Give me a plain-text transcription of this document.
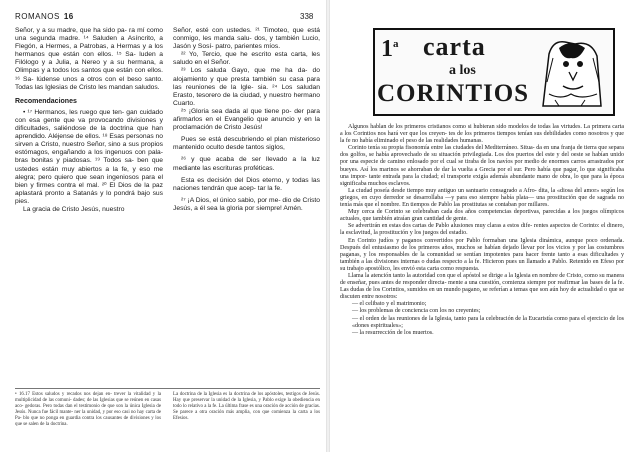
ROMANOS 16	338

Señor, y a su madre, que ha sido pa- ra mí como una segunda madre. ¹⁴ Saluden a Asíncrito, a Flegón, a Hermes, a Patrobas, a Hermas y a los hermanos que están con ellos. ¹⁵ Sa- luden a Filólogo y a Julia, a Nereo y a su hermana, a Olimpas y a todos los santos que están con ellos. ¹⁶ Sa- lúdense unos a otros con el beso santo. Todas las Iglesias de Cristo les mandan saludos.

Recomendaciones

• ¹⁷ Hermanos, les ruego que ten- gan cuidado con esa gente que va provocando divisiones y dificultades, saliéndose de la doctrina que han aprendido. Aléjense de ellos. ¹⁸ Esas personas no sirven a Cristo, nuestro Señor, sino a sus propios estómagos, engañando a los ingenuos con pala- bras bonitas y piadosas. ¹⁹ Todos sa- ben que ustedes están muy abiertos a la fe, y eso me alegra; pero quiero que sean ingeniosos para el bien y firmes contra el mal. ²⁰ El Dios de la paz aplastará pronto a Satanás y lo pondrá bajo sus pies.

La gracia de Cristo Jesús, nuestro

Señor, esté con ustedes. ²¹ Timoteo, que está conmigo, les manda salu- dos, y también Lucio, Jasón y Sosí- patro, parientes míos.

²² Yo, Tercio, que he escrito esta carta, les saludo en el Señor.

²³ Los saluda Gayo, que me ha da- do alojamiento y que presta también su casa para las reuniones de la Igle- sia. ²⁴ Los saludan Erasto, tesorero de la ciudad, y nuestro hermano Cuarto.

²⁵ ¡Gloria sea dada al que tiene po- der para afirmarlos en el Evangelio que anuncio y en la proclamación de Cristo Jesús!

Pues se está descubriendo el plan misterioso mantenido oculto desde tantos siglos,

²⁶ y que acaba de ser llevado a la luz mediante las escrituras proféticas.

Esta es decisión del Dios eterno, y todas las naciones tendrán que acep- tar la fe.

²⁷ ¡A Dios, el único sabio, por me- dio de Cristo Jesús, a él sea la gloria por siempre! Amén.

• 16.17 Estos saludos y recados nos dejan en- trever la vitalidad y la multiplicidad de las comuni- dades; de las Iglesias que se reúnen en casas aco- gedoras. Pero todas dan el testimonio de que son la única Iglesia de Jesús. Nunca fue fácil mante- ner la unidad, y por eso casi no hay carta de Pa- blo que no ponga en guardia contra los causantes de divisiones y los que se salen de la doctrina.
La doctrina de la Iglesia es la doctrina de los apóstoles, testigos de Jesús. Hay que preservar la unidad de la Iglesia, y Pablo exige la obediencia en todo lo relativo a la fe. La última frase es una oración de acción de gracias. Se parece a otra oración más amplia, con que comienza la carta a los Efesios.
1$^a$ carta
a los
CORINTIOS

Algunos hablan de los primeros cristianos como si hubieran sido modelos de todas las virtudes. La primera carta a los Corintios nos hará ver que los creyen- tes de los primeros tiempos tenían sus debilidades como nosotros y que la fe no había eliminado el peso de las realidades humanas.

Corinto tenía su propia fisonomía entre las ciudades del Mediterráneo. Situa- da en una franja de tierra que separa dos golfos, se había aprovechado de su situación privilegiada. Los dos puertos del este y del oeste se habían unido por una especie de camino enlosado por el cual se tiraba de los navíos por medio de enormes carros arrastrados por bueyes. Así los marinos se ahorraban de dar la vuelta a Grecia por el sur. Pero había que pagar, lo que significaba una impor- tante entrada para la ciudad; el transporte exigía además abundante mano de obra, lo que para la época significaba muchos esclavos.

La ciudad poseía desde tiempo muy antiguo un santuario consagrado a Afro- dita, la «diosa del amor» según los griegos, en cuyo derredor se desarrollaba —y para eso siempre había plata— una prostitución que de sagrada no tenía más que el nombre. En tiempos de Pablo las prostitutas se contaban por millares.

Muy cerca de Corinto se celebraban cada dos años competencias deportivas, parecidas a los juegos olímpicos actuales, que también atraían gran cantidad de gente.

Se advertirán en estas dos cartas de Pablo alusiones muy claras a estos dife- rentes aspectos de Corinto: el dinero, la esclavitud, la prostitución y los juegos del estadio.

En Corinto judíos y paganos convertidos por Pablo formaban una Iglesia dinámica, aunque poco ordenada. Después del entusiasmo de los primeros años, muchos se habían dejado llevar por los vicios y por las costumbres paganas, y los responsables de la comunidad se sentían impotentes para hacer frente tanto a esas dificultades y también a las divisiones internas o dudas respecto a la fe. Hicieron pues un llamado a Pablo. Retenido en Efeso por su trabajo apostólico, les envió esta carta como respuesta.

Llama la atención tanto la autoridad con que el apóstol se dirige a la Iglesia en nombre de Cristo, como su manera de enseñar, pues antes de responder directa- mente a una cuestión, comienza siempre por reafirmar las bases de la fe. Las dudas de los Corintios, sumidos en un mundo pagano, se referían a temas que son aún hoy de actualidad o que se discuten entre nosotros:

— el celibato y el matrimonio;

— los problemas de conciencia con los no creyentes;

— el orden de las reuniones de la Iglesia, tanto para la celebración de la Eucaristía como para el ejercicio de los «dones espirituales»;

— la resurrección de los muertos.
